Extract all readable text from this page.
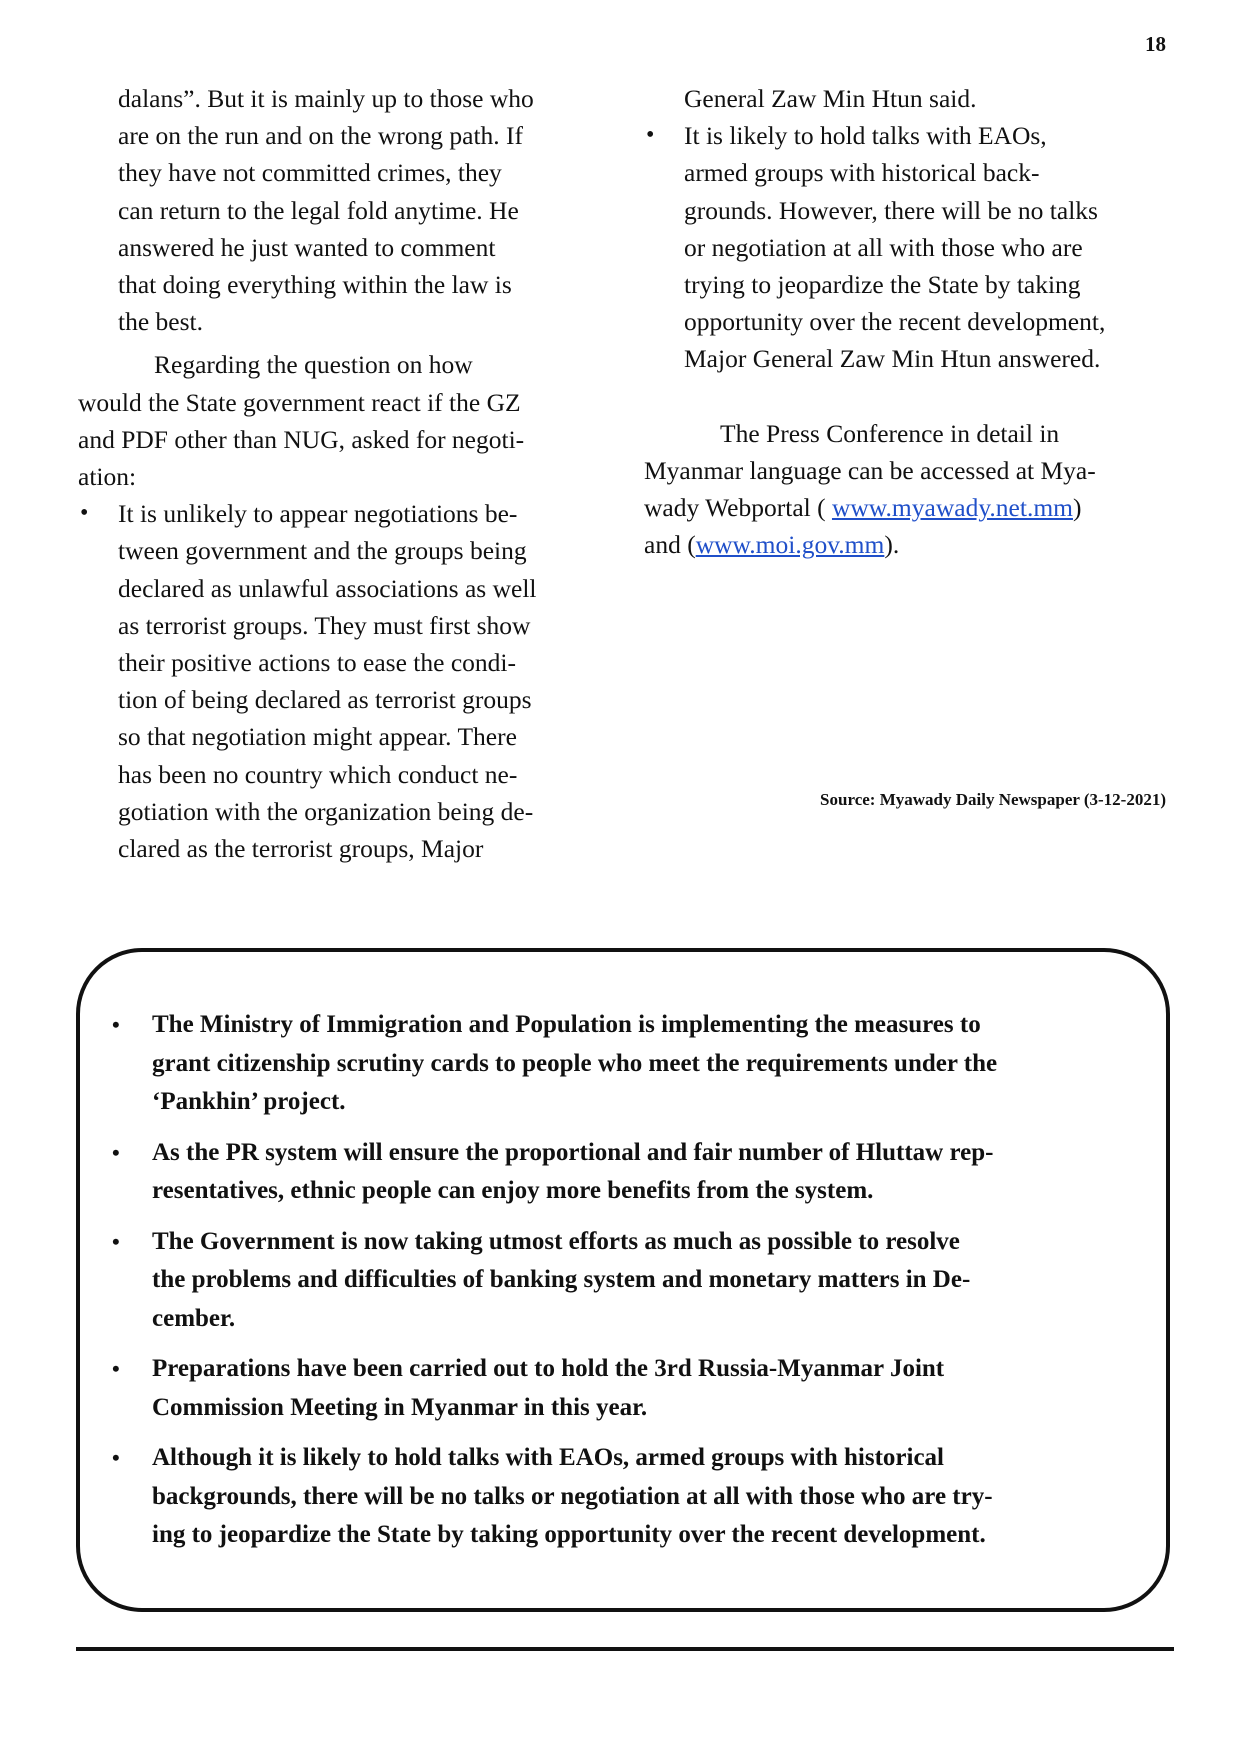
18

dalans”. But it is mainly up to those who

are on the run and on the wrong path. If

they have not committed crimes, they

can return to the legal fold anytime. He

answered he just wanted to comment

that doing everything within the law is

the best.

Regarding the question on how

would the State government react if the GZ

and PDF other than NUG, asked for negoti-

ation:

• It is unlikely to appear negotiations be-

tween government and the groups being

declared as unlawful associations as well

as terrorist groups. They must first show

their positive actions to ease the condi-

tion of being declared as terrorist groups

so that negotiation might appear. There

has been no country which conduct ne-

gotiation with the organization being de-

clared as the terrorist groups, Major

General Zaw Min Htun said.

• It is likely to hold talks with EAOs,

armed groups with historical back-

grounds. However, there will be no talks

or negotiation at all with those who are

trying to jeopardize the State by taking

opportunity over the recent development,

Major General Zaw Min Htun answered.

The Press Conference in detail in

Myanmar language can be accessed at Mya-

wady Webportal ( www.myawady.net.mm)

and (www.moi.gov.mm).

Source: Myawady Daily Newspaper (3-12-2021)
• The Ministry of Immigration and Population is implementing the measures to
grant citizenship scrutiny cards to people who meet the requirements under the
‘Pankhin’ project.
• As the PR system will ensure the proportional and fair number of Hluttaw rep-
resentatives, ethnic people can enjoy more benefits from the system.
• The Government is now taking utmost efforts as much as possible to resolve
the problems and difficulties of banking system and monetary matters in De-
cember.
• Preparations have been carried out to hold the 3rd Russia-Myanmar Joint
Commission Meeting in Myanmar in this year.
• Although it is likely to hold talks with EAOs, armed groups with historical
backgrounds, there will be no talks or negotiation at all with those who are try-
ing to jeopardize the State by taking opportunity over the recent development.
